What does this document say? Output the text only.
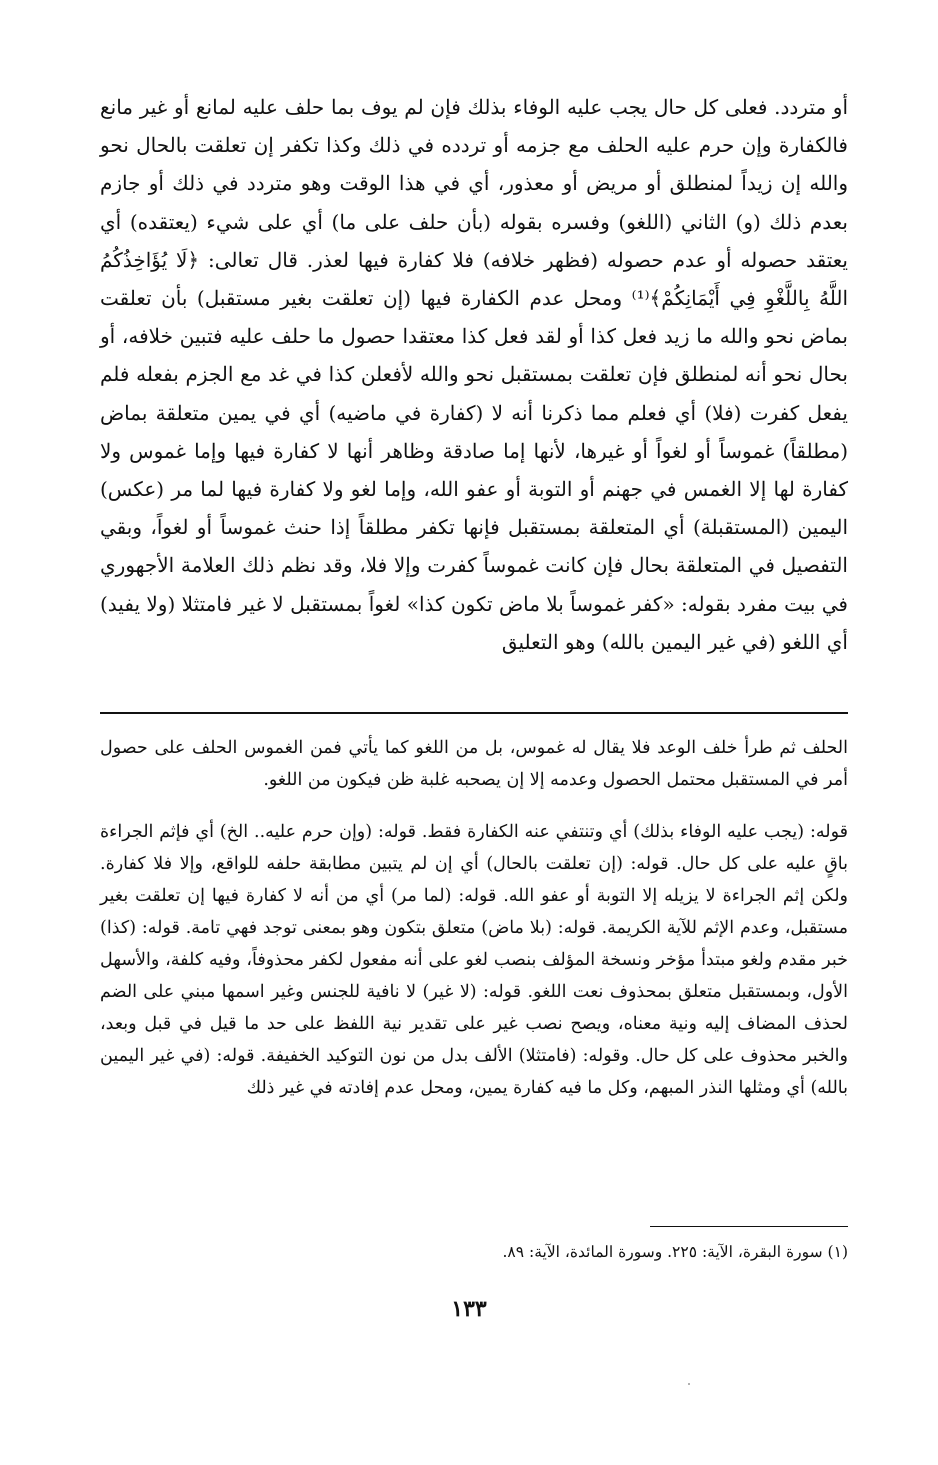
أو متردد. فعلى كل حال يجب عليه الوفاء بذلك فإن لم يوف بما حلف عليه لمانع أو غير مانع فالكفارة وإن حرم عليه الحلف مع جزمه أو تردده في ذلك وكذا تكفر إن تعلقت بالحال نحو والله إن زيداً لمنطلق أو مريض أو معذور، أي في هذا الوقت وهو متردد في ذلك أو جازم بعدم ذلك (و) الثاني (اللغو) وفسره بقوله (بأن حلف على ما) أي على شيء (يعتقده) أي يعتقد حصوله أو عدم حصوله (فظهر خلافه) فلا كفارة فيها لعذر. قال تعالى: ﴿لَا يُؤَاخِذُكُمُ اللَّهُ بِاللَّغْوِ فِي أَيْمَانِكُمْ﴾⁽¹⁾ ومحل عدم الكفارة فيها (إن تعلقت بغير مستقبل) بأن تعلقت بماض نحو والله ما زيد فعل كذا أو لقد فعل كذا معتقدا حصول ما حلف عليه فتبين خلافه، أو بحال نحو أنه لمنطلق فإن تعلقت بمستقبل نحو والله لأفعلن كذا في غد مع الجزم بفعله فلم يفعل كفرت (فلا) أي فعلم مما ذكرنا أنه لا (كفارة في ماضيه) أي في يمين متعلقة بماض (مطلقاً) غموساً أو لغواً أو غيرها، لأنها إما صادقة وظاهر أنها لا كفارة فيها وإما غموس ولا كفارة لها إلا الغمس في جهنم أو التوبة أو عفو الله، وإما لغو ولا كفارة فيها لما مر (عكس) اليمين (المستقبلة) أي المتعلقة بمستقبل فإنها تكفر مطلقاً إذا حنث غموساً أو لغواً، وبقي التفصيل في المتعلقة بحال فإن كانت غموساً كفرت وإلا فلا، وقد نظم ذلك العلامة الأجهوري في بيت مفرد بقوله: «كفر غموساً بلا ماض تكون كذا» لغواً بمستقبل لا غير فامتثلا (ولا يفيد) أي اللغو (في غير اليمين بالله) وهو التعليق

الحلف ثم طرأ خلف الوعد فلا يقال له غموس، بل من اللغو كما يأتي فمن الغموس الحلف على حصول أمر في المستقبل محتمل الحصول وعدمه إلا إن يصحبه غلبة ظن فيكون من اللغو.

قوله: (يجب عليه الوفاء بذلك) أي وتنتفي عنه الكفارة فقط. قوله: (وإن حرم عليه.. الخ) أي فإثم الجراءة باقٍ عليه على كل حال. قوله: (إن تعلقت بالحال) أي إن لم يتبين مطابقة حلفه للواقع، وإلا فلا كفارة. ولكن إثم الجراءة لا يزيله إلا التوبة أو عفو الله. قوله: (لما مر) أي من أنه لا كفارة فيها إن تعلقت بغير مستقبل، وعدم الإثم للآية الكريمة. قوله: (بلا ماض) متعلق بتكون وهو بمعنى توجد فهي تامة. قوله: (كذا) خبر مقدم ولغو مبتدأ مؤخر ونسخة المؤلف بنصب لغو على أنه مفعول لكفر محذوفاً، وفيه كلفة، والأسهل الأول، وبمستقبل متعلق بمحذوف نعت اللغو. قوله: (لا غير) لا نافية للجنس وغير اسمها مبني على الضم لحذف المضاف إليه ونية معناه، ويصح نصب غير على تقدير نية اللفظ على حد ما قيل في قبل وبعد، والخبر محذوف على كل حال. وقوله: (فامتثلا) الألف بدل من نون التوكيد الخفيفة. قوله: (في غير اليمين بالله) أي ومثلها النذر المبهم، وكل ما فيه كفارة يمين، ومحل عدم إفادته في غير ذلك

(١) سورة البقرة، الآية: ٢٢٥. وسورة المائدة، الآية: ٨٩.
١٣٣
